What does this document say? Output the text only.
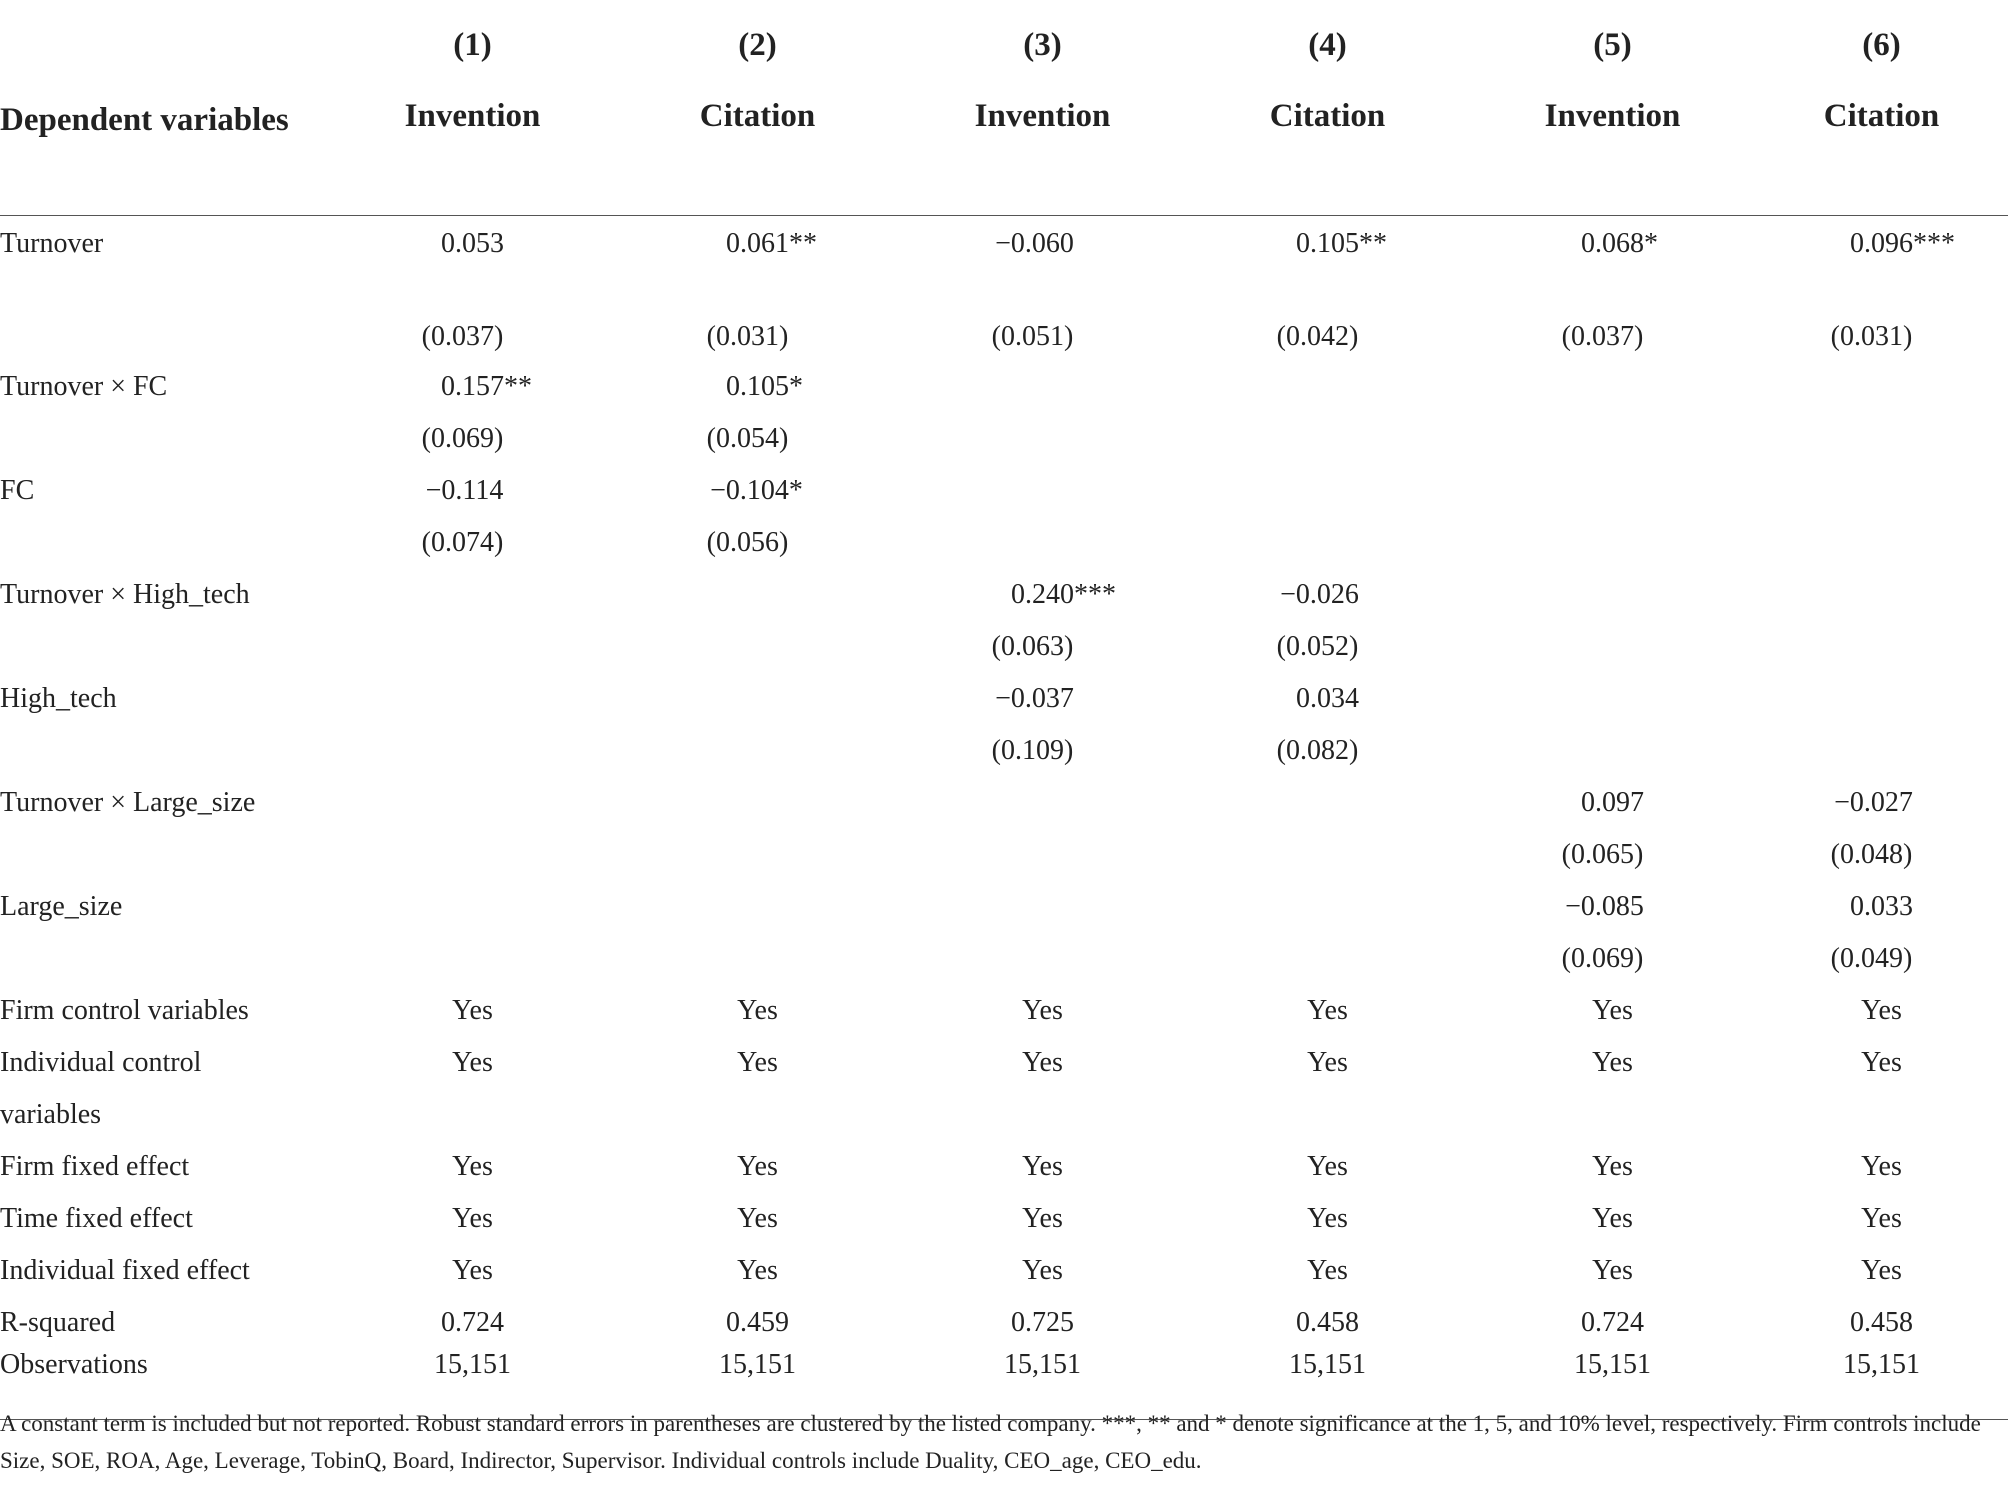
	(1)	(2)	(3)	(4)	(5)	(6)
Dependent variables	Invention	Citation	Invention	Citation	Invention	Citation
Turnover	0.053	0.061**	−0.060	0.105**	0.068*	0.096***
	(0.037)	(0.031)	(0.051)	(0.042)	(0.037)	(0.031)
Turnover × FC	0.157**	0.105*				
	(0.069)	(0.054)				
FC	−0.114	−0.104*				
	(0.074)	(0.056)				
Turnover × High_tech			0.240***	−0.026		
			(0.063)	(0.052)		
High_tech			−0.037	0.034		
			(0.109)	(0.082)		
Turnover × Large_size					0.097	−0.027
					(0.065)	(0.048)
Large_size					−0.085	0.033
					(0.069)	(0.049)
Firm control variables	Yes	Yes	Yes	Yes	Yes	Yes
Individual control	Yes	Yes	Yes	Yes	Yes	Yes
variables						
Firm fixed effect	Yes	Yes	Yes	Yes	Yes	Yes
Time fixed effect	Yes	Yes	Yes	Yes	Yes	Yes
Individual fixed effect	Yes	Yes	Yes	Yes	Yes	Yes
R-squared	0.724	0.459	0.725	0.458	0.724	0.458
Observations	15,151	15,151	15,151	15,151	15,151	15,151
A constant term is included but not reported. Robust standard errors in parentheses are clustered by the listed company. ***, ** and * denote significance at the 1, 5, and 10% level, respectively. Firm controls include Size, SOE, ROA, Age, Leverage, TobinQ, Board, Indirector, Supervisor. Individual controls include Duality, CEO_age, CEO_edu.
